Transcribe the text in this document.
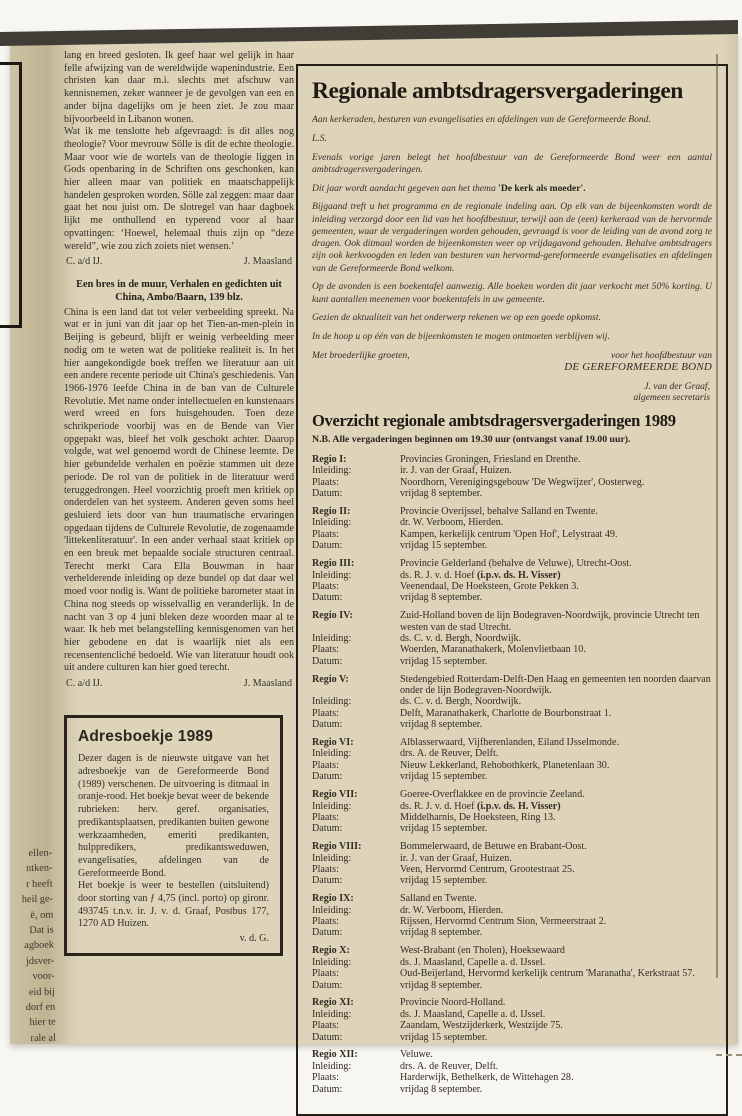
ellen-
ntken-
r heeft
heil ge-
ë, om
Dat is
agboek
jdsver-
voor-
eid bij
dorf en
hier te
rale al

lang en breed gesloten. Ik geef haar wel gelijk in haar felle afwijzing van de wereldwijde wapenindustrie. Een christen kan daar m.i. slechts met afschuw van kennisnemen, zeker wanneer je de gevolgen van een en ander bijna dagelijks om je heen ziet. Je zou maar bijvoorbeeld in Libanon wonen.

Wat ik me tenslotte heb afgevraagd: is dit alles nog theologie? Voor mevrouw Sölle is dit de echte theologie. Maar voor wie de wortels van de theologie liggen in Gods openbaring in de Schriften ons geschonken, kan hier alleen maar van politiek en maatschappelijk handelen gesproken worden. Sölle zal zeggen: maar daar gaat het nou juist om. De slotregel van haar dagboek lijkt me onthullend en typerend voor al haar opvattingen: ‘Hoewel, helemaal thuis zijn op “deze wereld”, wie zou zich zoiets niet wensen.’

C. a/d IJ.	J. Maasland
Een bres in de muur, Verhalen en gedichten uit China, Ambo/Baarn, 139 blz.

China is een land dat tot veler verbeelding spreekt. Na wat er in juni van dit jaar op het Tien-an-men-plein in Beijing is gebeurd, blijft er weinig verbeelding meer nodig om te weten wat de politieke realiteit is. In het hier aangekondigde boek treffen we literatuur aan uit een andere recente periode uit China's geschiedenis. Van 1966-1976 leefde China in de ban van de Culturele Revolutie. Met name onder intellectuelen en kunstenaars werd wreed en fors huisgehouden. Toen deze schrikperiode voorbij was en de Bende van Vier opgepakt was, bleef het volk geschokt achter. Daarop volgde, wat wel genoemd wordt de Chinese leemte. De hier gebundelde verhalen en poëzie stammen uit deze periode. De rol van de politiek in de literatuur werd teruggedrongen. Heel voorzichtig proeft men kritiek op onderdelen van het systeem. Anderen geven soms heel gesluierd iets door van hun traumatische ervaringen opgedaan tijdens de Culturele Revolutie, de zogenaamde 'littekenliteratuur'. In een ander verhaal staat kritiek op en een breuk met bepaalde sociale structuren centraal. Terecht merkt Cara Ella Bouwman in haar verhelderende inleiding op deze bundel op dat daar wel moed voor nodig is. Want de politieke barometer staat in China nog steeds op wisselvallig en veranderlijk. In de nacht van 3 op 4 juni bleken deze woorden maar al te waar. Ik heb met belangstelling kennisgenomen van het hier gebodene en dat is waarlijk niet als een recensentencliché bedoeld. Wie van literatuur houdt ook uit andere culturen kan hier goed terecht.

C. a/d IJ.	J. Maasland
Adresboekje 1989

Dezer dagen is de nieuwste uitgave van het adresboekje van de Gereformeerde Bond (1989) verschenen. De uitvoering is ditmaal in oranje-rood. Het boekje bevat weer de bekende rubrieken: herv. geref. organisaties, predikantsplaatsen, predikanten buiten gewone werkzaamheden, emeriti predikanten, hulppredikers, predikantsweduwen, evangelisaties, afdelingen van de Gereformeerde Bond.

Het boekje is weer te bestellen (uitsluitend) door storting van ƒ 4,75 (incl. porto) op gironr. 493745 t.n.v. ir. J. v. d. Graaf, Postbus 177, 1270 AD Huizen.

v. d. G.
Regionale ambtsdragersvergaderingen

Aan kerkeraden, besturen van evangelisaties en afdelingen van de Gereformeerde Bond.

L.S.

Evenals vorige jaren belegt het hoofdbestuur van de Gereformeerde Bond weer een aantal ambtsdragersvergaderingen.

Dit jaar wordt aandacht gegeven aan het thema 'De kerk als moeder'.

Bijgaand treft u het programma en de regionale indeling aan. Op elk van de bijeenkomsten wordt de inleiding verzorgd door een lid van het hoofdbestuur, terwijl aan de (een) kerkeraad van de hervormde gemeenten, waar de vergaderingen worden gehouden, gevraagd is voor de leiding van de avond zorg te dragen. Ook ditmaal worden de bijeenkomsten weer op vrijdagavond gehouden. Behalve ambtsdragers zijn ook kerkvoogden en leden van besturen van hervormd-gereformeerde evangelisaties en afdelingen van de Gereformeerde Bond welkom.

Op de avonden is een boekentafel aanwezig. Alle boeken worden dit jaar verkocht met 50% korting. U kunt aantallen meenemen voor boekentafels in uw gemeente.

Gezien de aktualiteit van het onderwerp rekenen we op een goede opkomst.

In de hoop u op één van de bijeenkomsten te mogen ontmoeten verblijven wij.

Met broederlijke groeten,	voor het hoofdbestuur van
DE GEREFORMEERDE BOND
J. van der Graaf,
algemeen secretaris
Overzicht regionale ambtsdragersvergaderingen 1989

N.B. Alle vergaderingen beginnen om 19.30 uur (ontvangst vanaf 19.00 uur).

Regio I:	Provincies Groningen, Friesland en Drenthe.
Inleiding:	ir. J. van der Graaf, Huizen.
Plaats:	Noordhorn, Verenigingsgebouw 'De Wegwijzer', Oosterweg.
Datum:	vrijdag 8 september.
Regio II:	Provincie Overijssel, behalve Salland en Twente.
Inleiding:	dr. W. Verboom, Hierden.
Plaats:	Kampen, kerkelijk centrum 'Open Hof', Lelystraat 49.
Datum:	vrijdag 15 september.
Regio III:	Provincie Gelderland (behalve de Veluwe), Utrecht-Oost.
Inleiding:	ds. R. J. v. d. Hoef (i.p.v. ds. H. Visser)
Plaats:	Veenendaal, De Hoeksteen, Grote Pekken 3.
Datum:	vrijdag 8 september.
Regio IV:	Zuid-Holland boven de lijn Bodegraven-Noordwijk, provincie Utrecht ten westen van de stad Utrecht.
Inleiding:	ds. C. v. d. Bergh, Noordwijk.
Plaats:	Woerden, Maranathakerk, Molenvlietbaan 10.
Datum:	vrijdag 15 september.
Regio V:	Stedengebied Rotterdam-Delft-Den Haag en gemeenten ten noorden daarvan onder de lijn Bodegraven-Noordwijk.
Inleiding:	ds. C. v. d. Bergh, Noordwijk.
Plaats:	Delft, Maranathakerk, Charlotte de Bourbonstraat 1.
Datum:	vrijdag 8 september.
Regio VI:	Alblasserwaard, Vijfherenlanden, Eiland IJsselmonde.
Inleiding:	drs. A. de Reuver, Delft.
Plaats:	Nieuw Lekkerland, Rehobothkerk, Planetenlaan 30.
Datum:	vrijdag 15 september.
Regio VII:	Goeree-Overflakkee en de provincie Zeeland.
Inleiding:	ds. R. J. v. d. Hoef (i.p.v. ds. H. Visser)
Plaats:	Middelharnis, De Hoeksteen, Ring 13.
Datum:	vrijdag 15 september.
Regio VIII:	Bommelerwaard, de Betuwe en Brabant-Oost.
Inleiding:	ir. J. van der Graaf, Huizen.
Plaats:	Veen, Hervormd Centrum, Grootestraat 25.
Datum:	vrijdag 15 september.
Regio IX:	Salland en Twente.
Inleiding:	dr. W. Verboom, Hierden.
Plaats:	Rijssen, Hervormd Centrum Sion, Vermeerstraat 2.
Datum:	vrijdag 8 september.
Regio X:	West-Brabant (en Tholen), Hoeksewaard
Inleiding:	ds. J. Maasland, Capelle a. d. IJssel.
Plaats:	Oud-Beijerland, Hervormd kerkelijk centrum 'Maranatha', Kerkstraat 57.
Datum:	vrijdag 8 september.
Regio XI:	Provincie Noord-Holland.
Inleiding:	ds. J. Maasland, Capelle a. d. IJssel.
Plaats:	Zaandam, Westzijderkerk, Westzijde 75.
Datum:	vrijdag 15 september.
Regio XII:	Veluwe.
Inleiding:	drs. A. de Reuver, Delft.
Plaats:	Harderwijk, Bethelkerk, de Wittehagen 28.
Datum:	vrijdag 8 september.
